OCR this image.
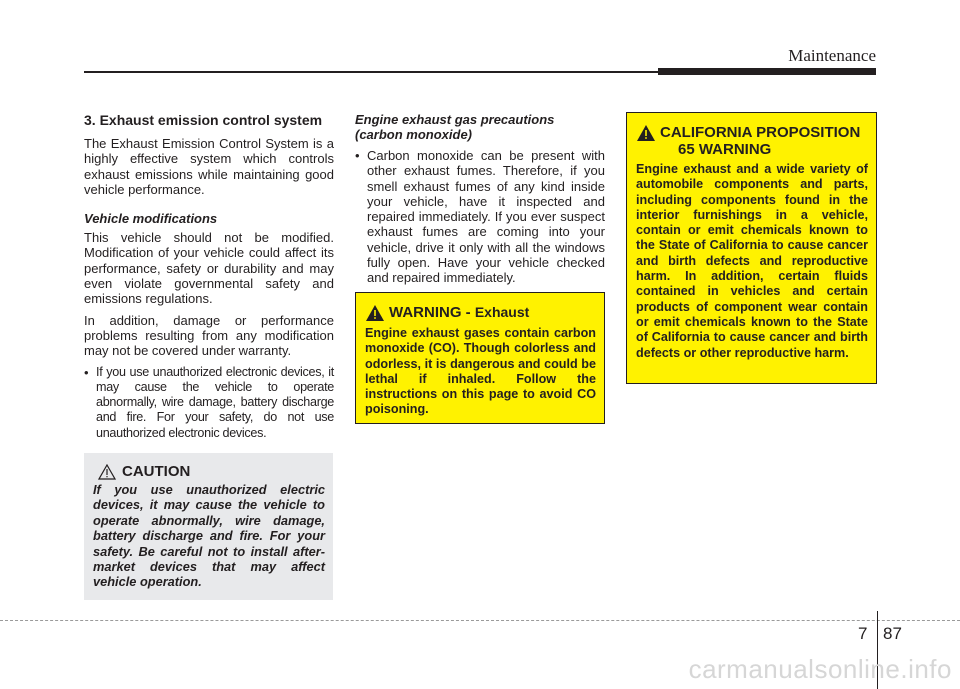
Maintenance
3. Exhaust emission control system
The Exhaust Emission Control System is a highly effective system which controls exhaust emissions while maintaining good vehicle performance.
Vehicle modifications
This vehicle should not be modified. Modification of your vehicle could affect its performance, safety or durability and may even violate governmental safety and emissions regulations.
In addition, damage or performance problems resulting from any modification may not be covered under warranty.
• If you use unauthorized electronic devices, it may cause the vehicle to operate abnormally, wire damage, battery discharge and fire. For your safety, do not use unauthorized electronic devices.
CAUTION
If you use unauthorized electric devices, it may cause the vehicle to operate abnormally, wire damage, battery discharge and fire. For your safety. Be careful not to install after-market devices that may affect vehicle operation.
Engine exhaust gas precautions (carbon monoxide)
• Carbon monoxide can be present with other exhaust fumes. Therefore, if you smell exhaust fumes of any kind inside your vehicle, have it inspected and repaired immediately. If you ever suspect exhaust fumes are coming into your vehicle, drive it only with all the windows fully open. Have your vehicle checked and repaired immediately.
WARNING - Exhaust
Engine exhaust gases contain carbon monoxide (CO). Though colorless and odorless, it is dangerous and could be lethal if inhaled. Follow the instructions on this page to avoid CO poisoning.
CALIFORNIA PROPOSITION 65 WARNING
Engine exhaust and a wide variety of automobile components and parts, including components found in the interior furnishings in a vehicle, contain or emit chemicals known to the State of California to cause cancer and birth defects and reproductive harm. In addition, certain fluids contained in vehicles and certain products of component wear contain or emit chemicals known to the State of California to cause cancer and birth defects or other reproductive harm.
7 87
carmanualsonline.info
